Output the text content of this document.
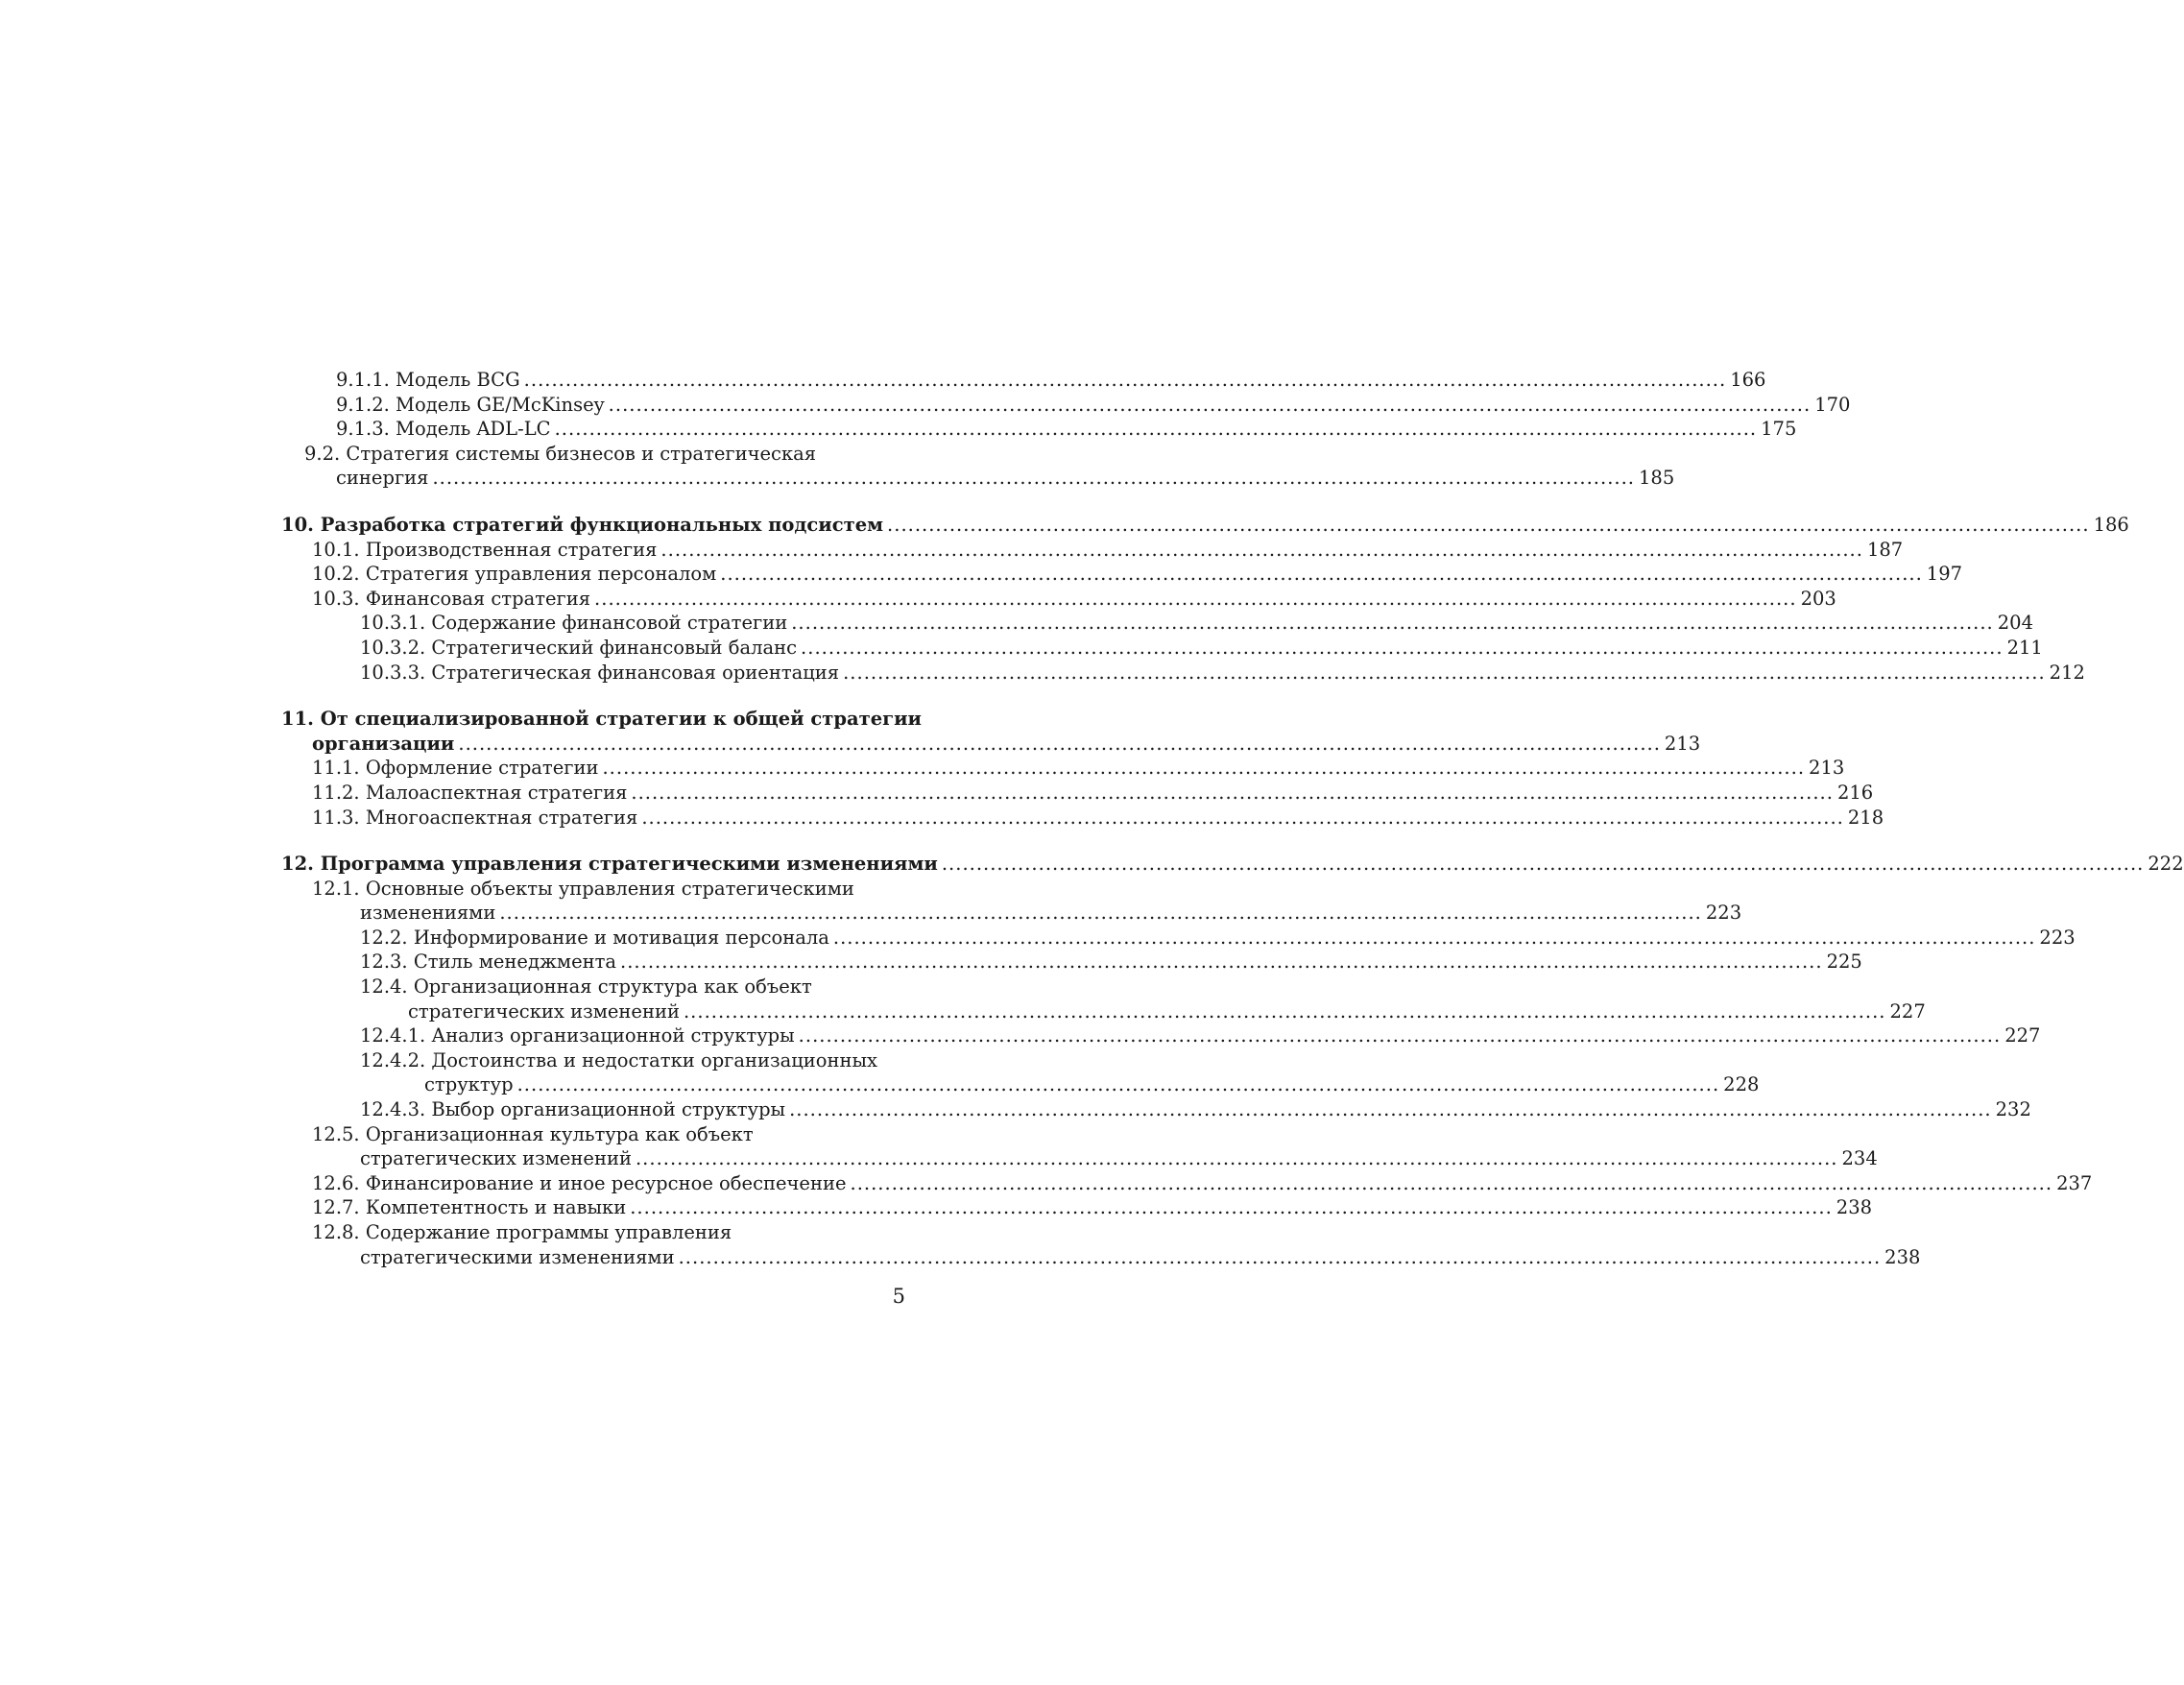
9.1.1. Модель BCG .....	166
9.1.2. Модель GE/McKinsey .....	170
9.1.3. Модель ADL-LC .....	175
9.2. Стратегия системы бизнесов и стратегическая
синергия .....	185
10. Разработка стратегий функциональных подсистем .....	186
10.1. Производственная стратегия .....	187
10.2. Стратегия управления персоналом .....	197
10.3. Финансовая стратегия .....	203
10.3.1. Содержание финансовой стратегии .....	204
10.3.2. Стратегический финансовый баланс .....	211
10.3.3. Стратегическая финансовая ориентация .....	212
11. От специализированной стратегии к общей стратегии
организации .....	213
11.1. Оформление стратегии .....	213
11.2. Малоаспектная стратегия .....	216
11.3. Многоаспектная стратегия .....	218
12. Программа управления стратегическими изменениями .....	222
12.1. Основные объекты управления стратегическими
изменениями .....	223
12.2. Информирование и мотивация персонала .....	223
12.3. Стиль менеджмента .....	225
12.4. Организационная структура как объект
стратегических изменений .....	227
12.4.1. Анализ организационной структуры .....	227
12.4.2. Достоинства и недостатки организационных
структур .....	228
12.4.3. Выбор организационной структуры .....	232
12.5. Организационная культура как объект
стратегических изменений .....	234
12.6. Финансирование и иное ресурсное обеспечение .....	237
12.7. Компетентность и навыки .....	238
12.8. Содержание программы управления
стратегическими изменениями .....	238
5
